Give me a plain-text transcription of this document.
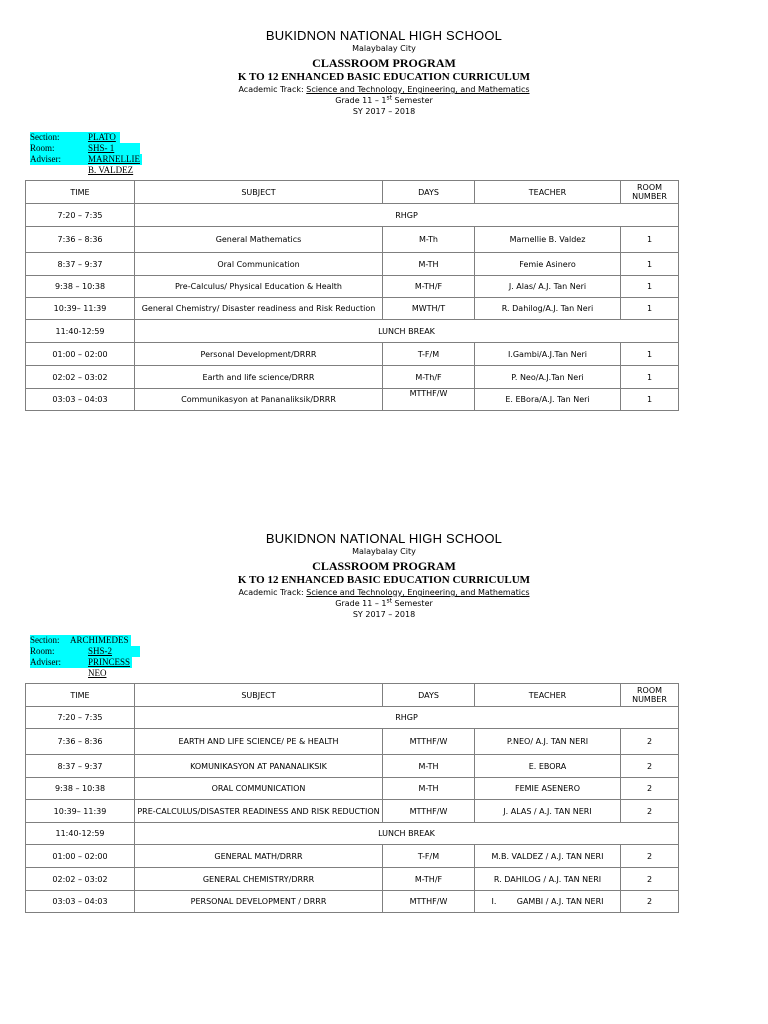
BUKIDNON NATIONAL HIGH SCHOOL
Malaybalay City
CLASSROOM PROGRAM
K TO 12 ENHANCED BASIC EDUCATION CURRICULUM
Academic Track: Science and Technology, Engineering, and Mathematics
Grade 11 – 1st Semester
SY 2017 – 2018
Section:	PLATO
Room:	SHS- 1
Adviser:	MARNELLIE B. VALDEZ
TIME	SUBJECT	DAYS	TEACHER	ROOM NUMBER
7:20 – 7:35	RHGP			
7:36 – 8:36	General Mathematics	M-Th	Marnellie B. Valdez	1
8:37 – 9:37	Oral Communication	M-TH	Femie Asinero	1
9:38 – 10:38	Pre-Calculus/ Physical Education & Health	M-TH/F	J. Alas/ A.J. Tan Neri	1
10:39– 11:39	General Chemistry/ Disaster readiness and Risk Reduction	MWTH/T	R. Dahilog/A.J. Tan Neri	1
11:40-12:59	LUNCH BREAK			
01:00 – 02:00	Personal Development/DRRR	T-F/M	I.Gambi/A.J.Tan Neri	1
02:02 – 03:02	Earth and life science/DRRR	M-Th/F	P. Neo/A.J.Tan Neri	1
03:03 – 04:03	Communikasyon at Pananaliksik/DRRR	MTTHF/W	E. EBora/A.J. Tan Neri	1
BUKIDNON NATIONAL HIGH SCHOOL
Malaybalay City
CLASSROOM PROGRAM
K TO 12 ENHANCED BASIC EDUCATION CURRICULUM
Academic Track: Science and Technology, Engineering, and Mathematics
Grade 11 – 1st Semester
SY 2017 – 2018
Section: ARCHIMEDES
Room:	SHS-2
Adviser:	PRINCESS NEO
TIME	SUBJECT	DAYS	TEACHER	ROOM NUMBER
7:20 – 7:35	RHGP			
7:36 – 8:36	EARTH AND LIFE SCIENCE/ PE & HEALTH	MTTHF/W	P.NEO/ A.J. TAN NERI	2
8:37 – 9:37	KOMUNIKASYON AT PANANALIKSIK	M-TH	E. EBORA	2
9:38 – 10:38	ORAL COMMUNICATION	M-TH	FEMIE ASENERO	2
10:39– 11:39	PRE-CALCULUS/DISASTER READINESS AND RISK REDUCTION	MTTHF/W	J. ALAS / A.J. TAN NERI	2
11:40-12:59	LUNCH BREAK			
01:00 – 02:00	GENERAL MATH/DRRR	T-F/M	M.B. VALDEZ / A.J. TAN NERI	2
02:02 – 03:02	GENERAL CHEMISTRY/DRRR	M-TH/F	R. DAHILOG / A.J. TAN NERI	2
03:03 – 04:03	PERSONAL DEVELOPMENT / DRRR	MTTHF/W	I.        GAMBI / A.J. TAN NERI	2
